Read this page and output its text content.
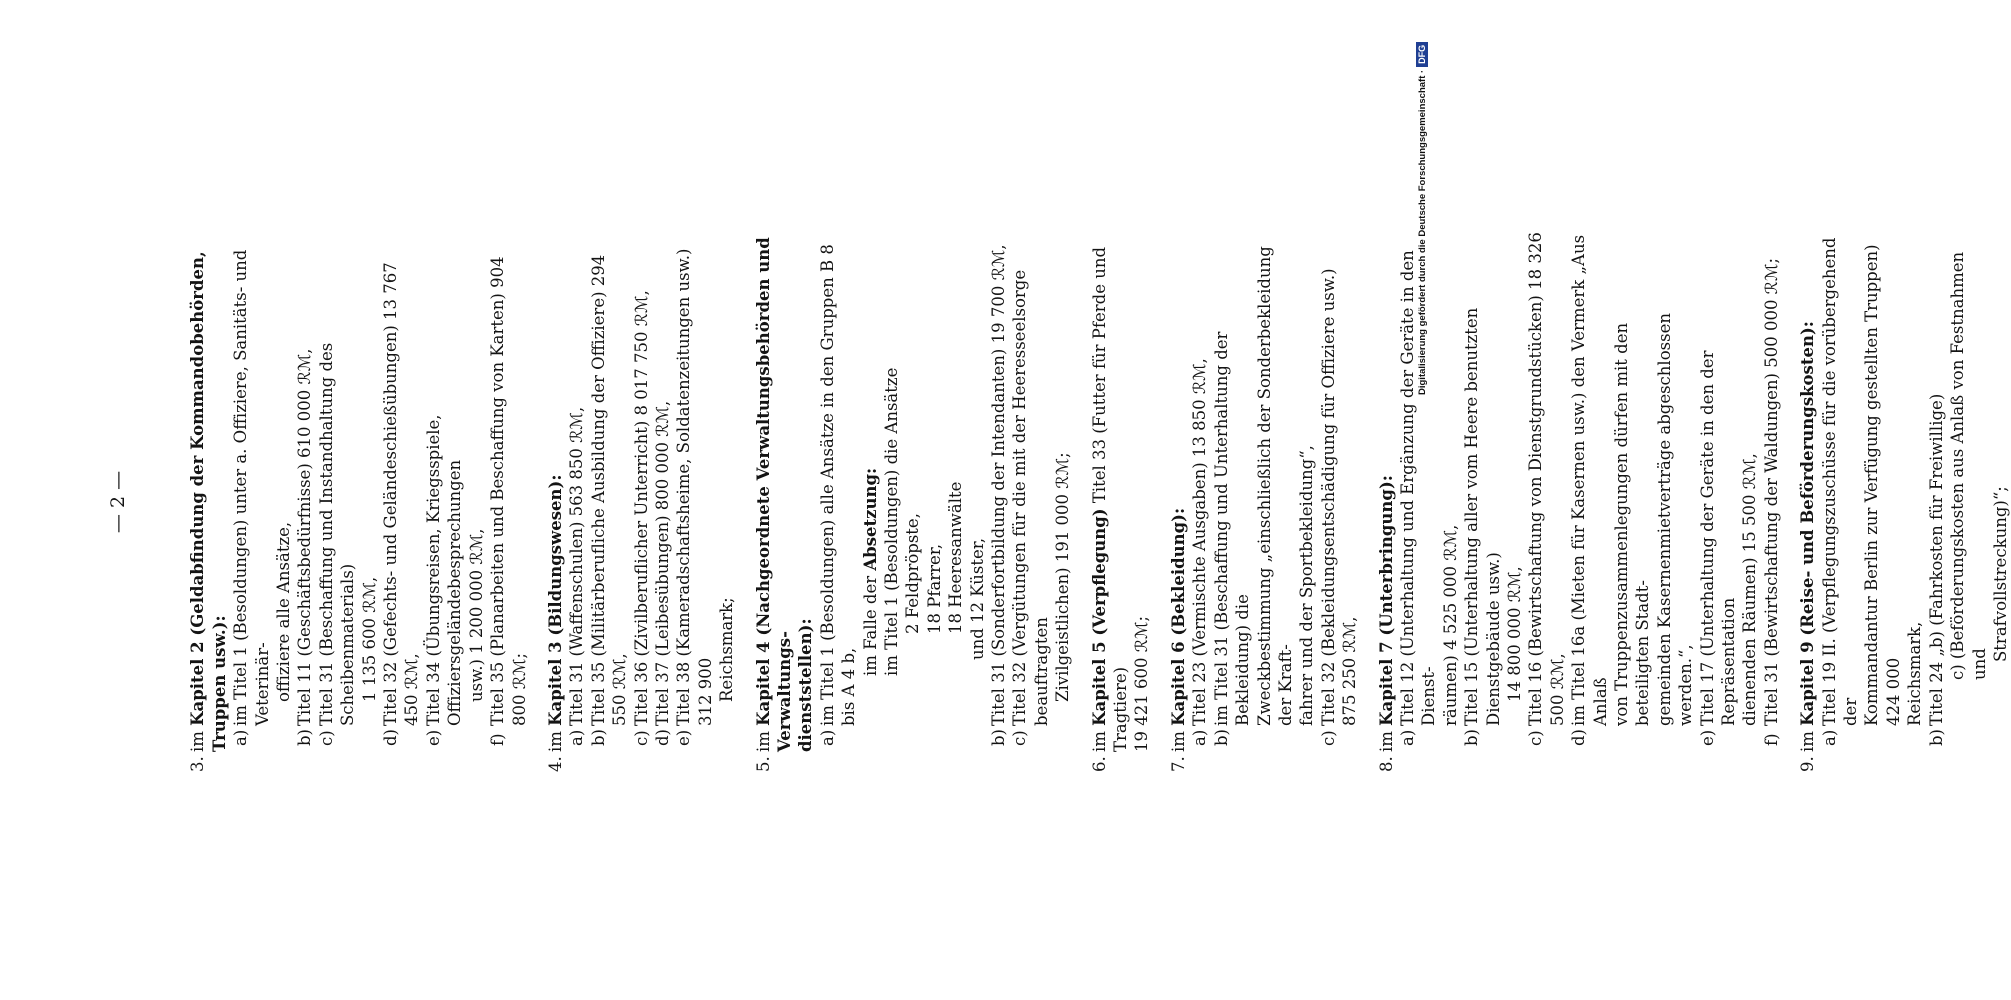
— 2 —
3.
im Kapitel 2 (Geldabfindung der Kommandobehörden, Truppen usw.): a)
im Titel 1 (Besoldungen) unter a. Offiziere, Sanitäts- und Veterinär- offiziere alle Ansätze,
b)
Titel 11 (Geschäftsbedürfnisse) 610 000 ℛℳ,
c)
Titel 31 (Beschaffung und Instandhaltung des Scheibenmaterials) 1 135 600 ℛℳ,
d)
Titel 32 (Gefechts- und Geländeschießübungen) 13 767 450 ℛℳ,
e)
Titel 34 (Übungsreisen, Kriegsspiele, Offiziersgeländebesprechungen usw.) 1 200 000 ℛℳ,
f)
Titel 35 (Planarbeiten und Beschaffung von Karten) 904 800 ℛℳ;
4.
im Kapitel 3 (Bildungswesen):
a)
Titel 31 (Waffenschulen) 563 850 ℛℳ,
b)
Titel 35 (Militärberufliche Ausbildung der Offiziere) 294 550 ℛℳ,
c)
Titel 36 (Zivilberuflicher Unterricht) 8 017 750 ℛℳ,
d)
Titel 37 (Leibesübungen) 800 000 ℛℳ,
e)
Titel 38 (Kameradschaftsheime, Soldatenzeitungen usw.) 312 900 Reichsmark;
5.
im Kapitel 4 (Nachgeordnete Verwaltungsbehörden und Verwaltungs- dienststellen): a)
im Titel 1 (Besoldungen) alle Ansätze in den Gruppen B 8 bis A 4 b,
im Falle der Absetzung: im Titel 1 (Besoldungen) die Ansätze 2 Feldpröpste, 18 Pfarrer, 18 Heeresanwälte und 12 Küster,
b)
Titel 31 (Sonderfortbildung der Intendanten) 19 700 ℛℳ,
c)
Titel 32 (Vergütungen für die mit der Heeresseelsorge beauftragten Zivilgeistlichen) 191 000 ℛℳ;
6.
im Kapitel 5 (Verpflegung) Titel 33 (Futter für Pferde und Tragtiere) 19 421 600 ℛℳ;
7.
im Kapitel 6 (Bekleidung):
a)
Titel 23 (Vermischte Ausgaben) 13 850 ℛℳ,
b)
im Titel 31 (Beschaffung und Unterhaltung der Bekleidung) die Zweckbestimmung „einschließlich der Sonderbekleidung der Kraft- fahrer und der Sportbekleidung“,
c)
Titel 32 (Bekleidungsentschädigung für Offiziere usw.) 875 250 ℛℳ,
8.
im Kapitel 7 (Unterbringung):
a)
Titel 12 (Unterhaltung und Ergänzung der Geräte in den Dienst- räumen) 4 525 000 ℛℳ,
b)
Titel 15 (Unterhaltung aller vom Heere benutzten Dienstgebäude usw.) 14 800 000 ℛℳ,
c)
Titel 16 (Bewirtschaftung von Dienstgrundstücken) 18 326 500 ℛℳ,
d)
im Titel 16a (Mieten für Kasernen usw.) den Vermerk „Aus Anlaß von Truppenzusammenlegungen dürfen mit den beteiligten Stadt- gemeinden Kasernenmietverträge abgeschlossen werden.“,
e)
Titel 17 (Unterhaltung der Geräte in den der Repräsentation dienenden Räumen) 15 500 ℛℳ,
f)
Titel 31 (Bewirtschaftung der Waldungen) 500 000 ℛℳ;
9.
im Kapitel 9 (Reise- und Beförderungskosten):
a)
Titel 19 II. (Verpflegungszuschüsse für die vorübergehend der Kommandantur Berlin zur Verfügung gestellten Truppen) 424 000 Reichsmark,
b)
Titel 24 „b) (Fahrkosten für Freiwillige) c) (Beförderungskosten aus Anlaß von Festnahmen und
Strafvollstreckung)“;
Digitalisierung gefördert durch die Deutsche Forschungsgemeinschaft ·DFG
